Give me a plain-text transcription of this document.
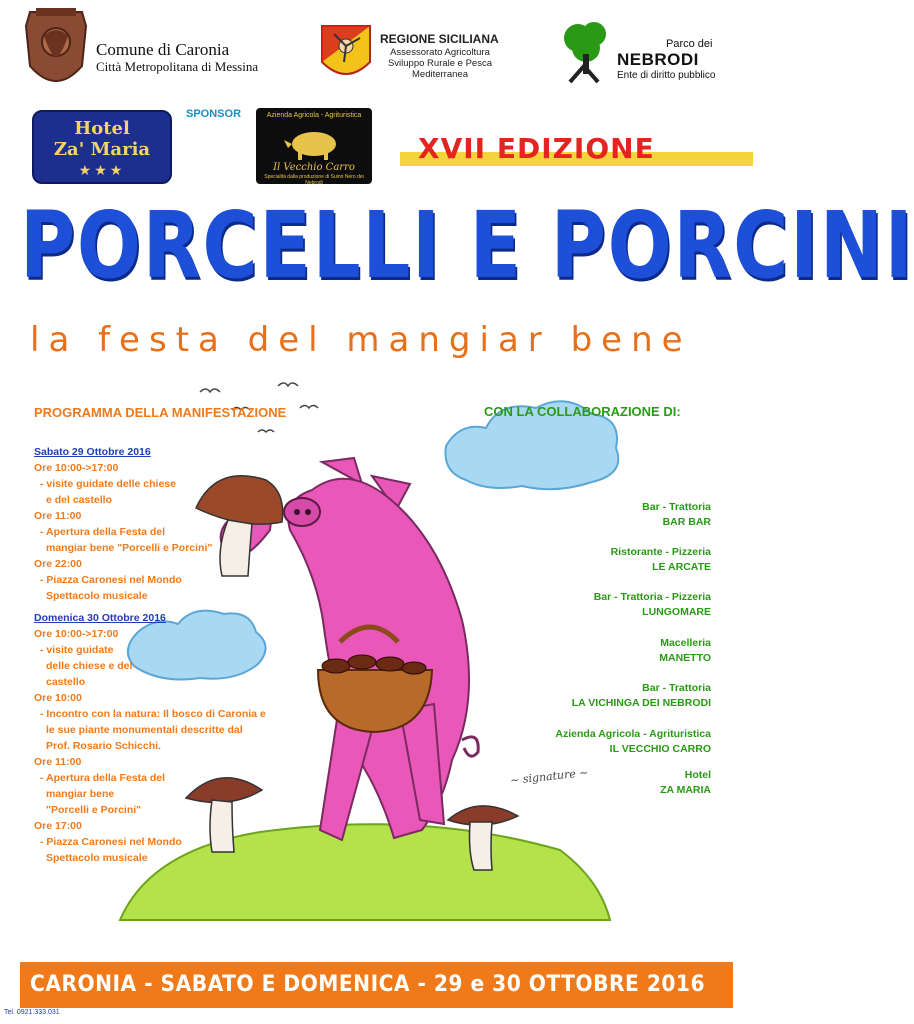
Comune di Caronia
Città Metropolitana di Messina
REGIONE SICILIANA
Assessorato Agricoltura
Sviluppo Rurale e Pesca
Mediterranea
Parco dei
NEBRODI
Ente di diritto pubblico
Hotel
Za' Maria
★★★
SPONSOR	Azienda Agricola - Agrituristica
Il Vecchio Carro
Specialità dalla produzione di Suino Nero dei Nebrodi
XVII EDIZIONE
PORCELLI E PORCINI
la festa del mangiar bene
~ signature ~
PROGRAMMA DELLA MANIFESTAZIONE
Sabato 29 Ottobre 2016
Ore 10:00->17:00
- visite guidate delle chiese
e del castello
Ore 11:00
- Apertura della Festa del
mangiar bene "Porcelli e Porcini"
Ore 22:00
- Piazza Caronesi nel Mondo
Spettacolo musicale
Domenica 30 Ottobre 2016
Ore 10:00->17:00
- visite guidate
delle chiese e del
castello
Ore 10:00
- Incontro con la natura: Il bosco di Caronia e
le sue piante monumentali descritte dal
Prof. Rosario Schicchi.
Ore 11:00
- Apertura della Festa del
mangiar bene
"Porcelli e Porcini"
Ore 17:00
- Piazza Caronesi nel Mondo
Spettacolo musicale
CON LA COLLABORAZIONE DI:
Bar - Trattoria
BAR BAR
Ristorante - Pizzeria
LE ARCATE
Bar - Trattoria - Pizzeria
LUNGOMARE
Macelleria
MANETTO
Bar - Trattoria
LA VICHINGA DEI NEBRODI
Azienda Agricola - Agrituristica
IL VECCHIO CARRO
Hotel
ZA MARIA
CARONIA - SABATO E DOMENICA - 29 e 30 OTTOBRE 2016
Tel. 0921.333.031
